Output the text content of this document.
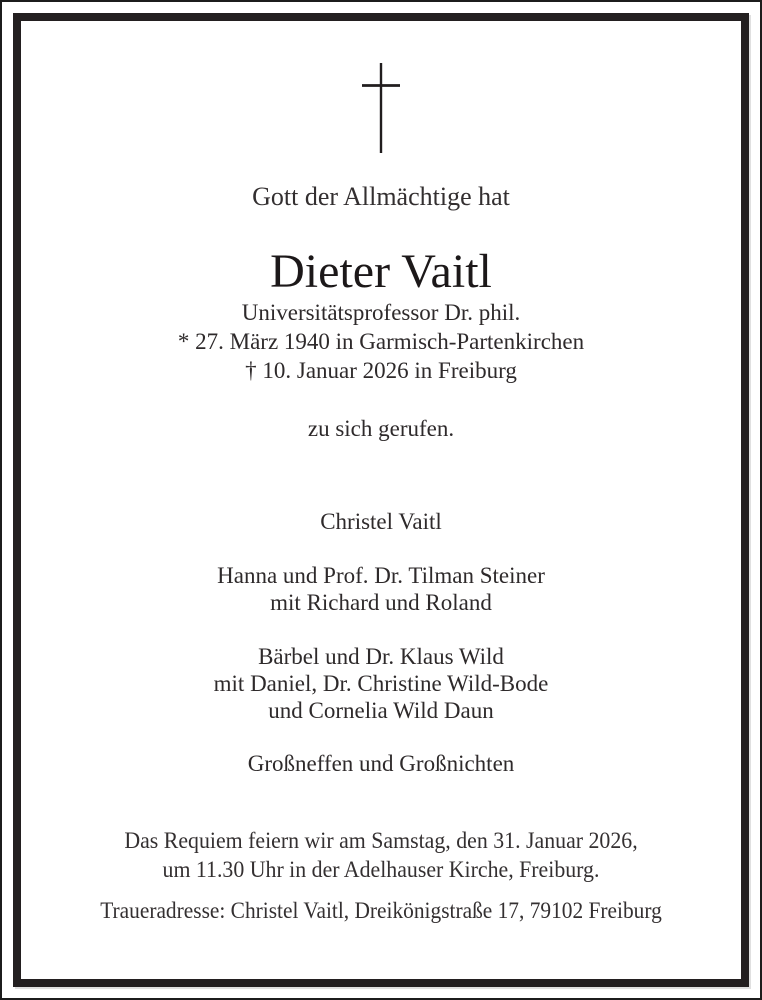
Gott der Allmächtige hat
Dieter Vaitl
Universitätsprofessor Dr. phil.
* 27. März 1940 in Garmisch-Partenkirchen
† 10. Januar 2026 in Freiburg
zu sich gerufen.
Christel Vaitl
Hanna und Prof. Dr. Tilman Steiner
mit Richard und Roland
Bärbel und Dr. Klaus Wild
mit Daniel, Dr. Christine Wild-Bode
und Cornelia Wild Daun
Großneffen und Großnichten
Das Requiem feiern wir am Samstag, den 31. Januar 2026,
um 11.30 Uhr in der Adelhauser Kirche, Freiburg.
Traueradresse: Christel Vaitl, Dreikönigstraße 17, 79102 Freiburg
